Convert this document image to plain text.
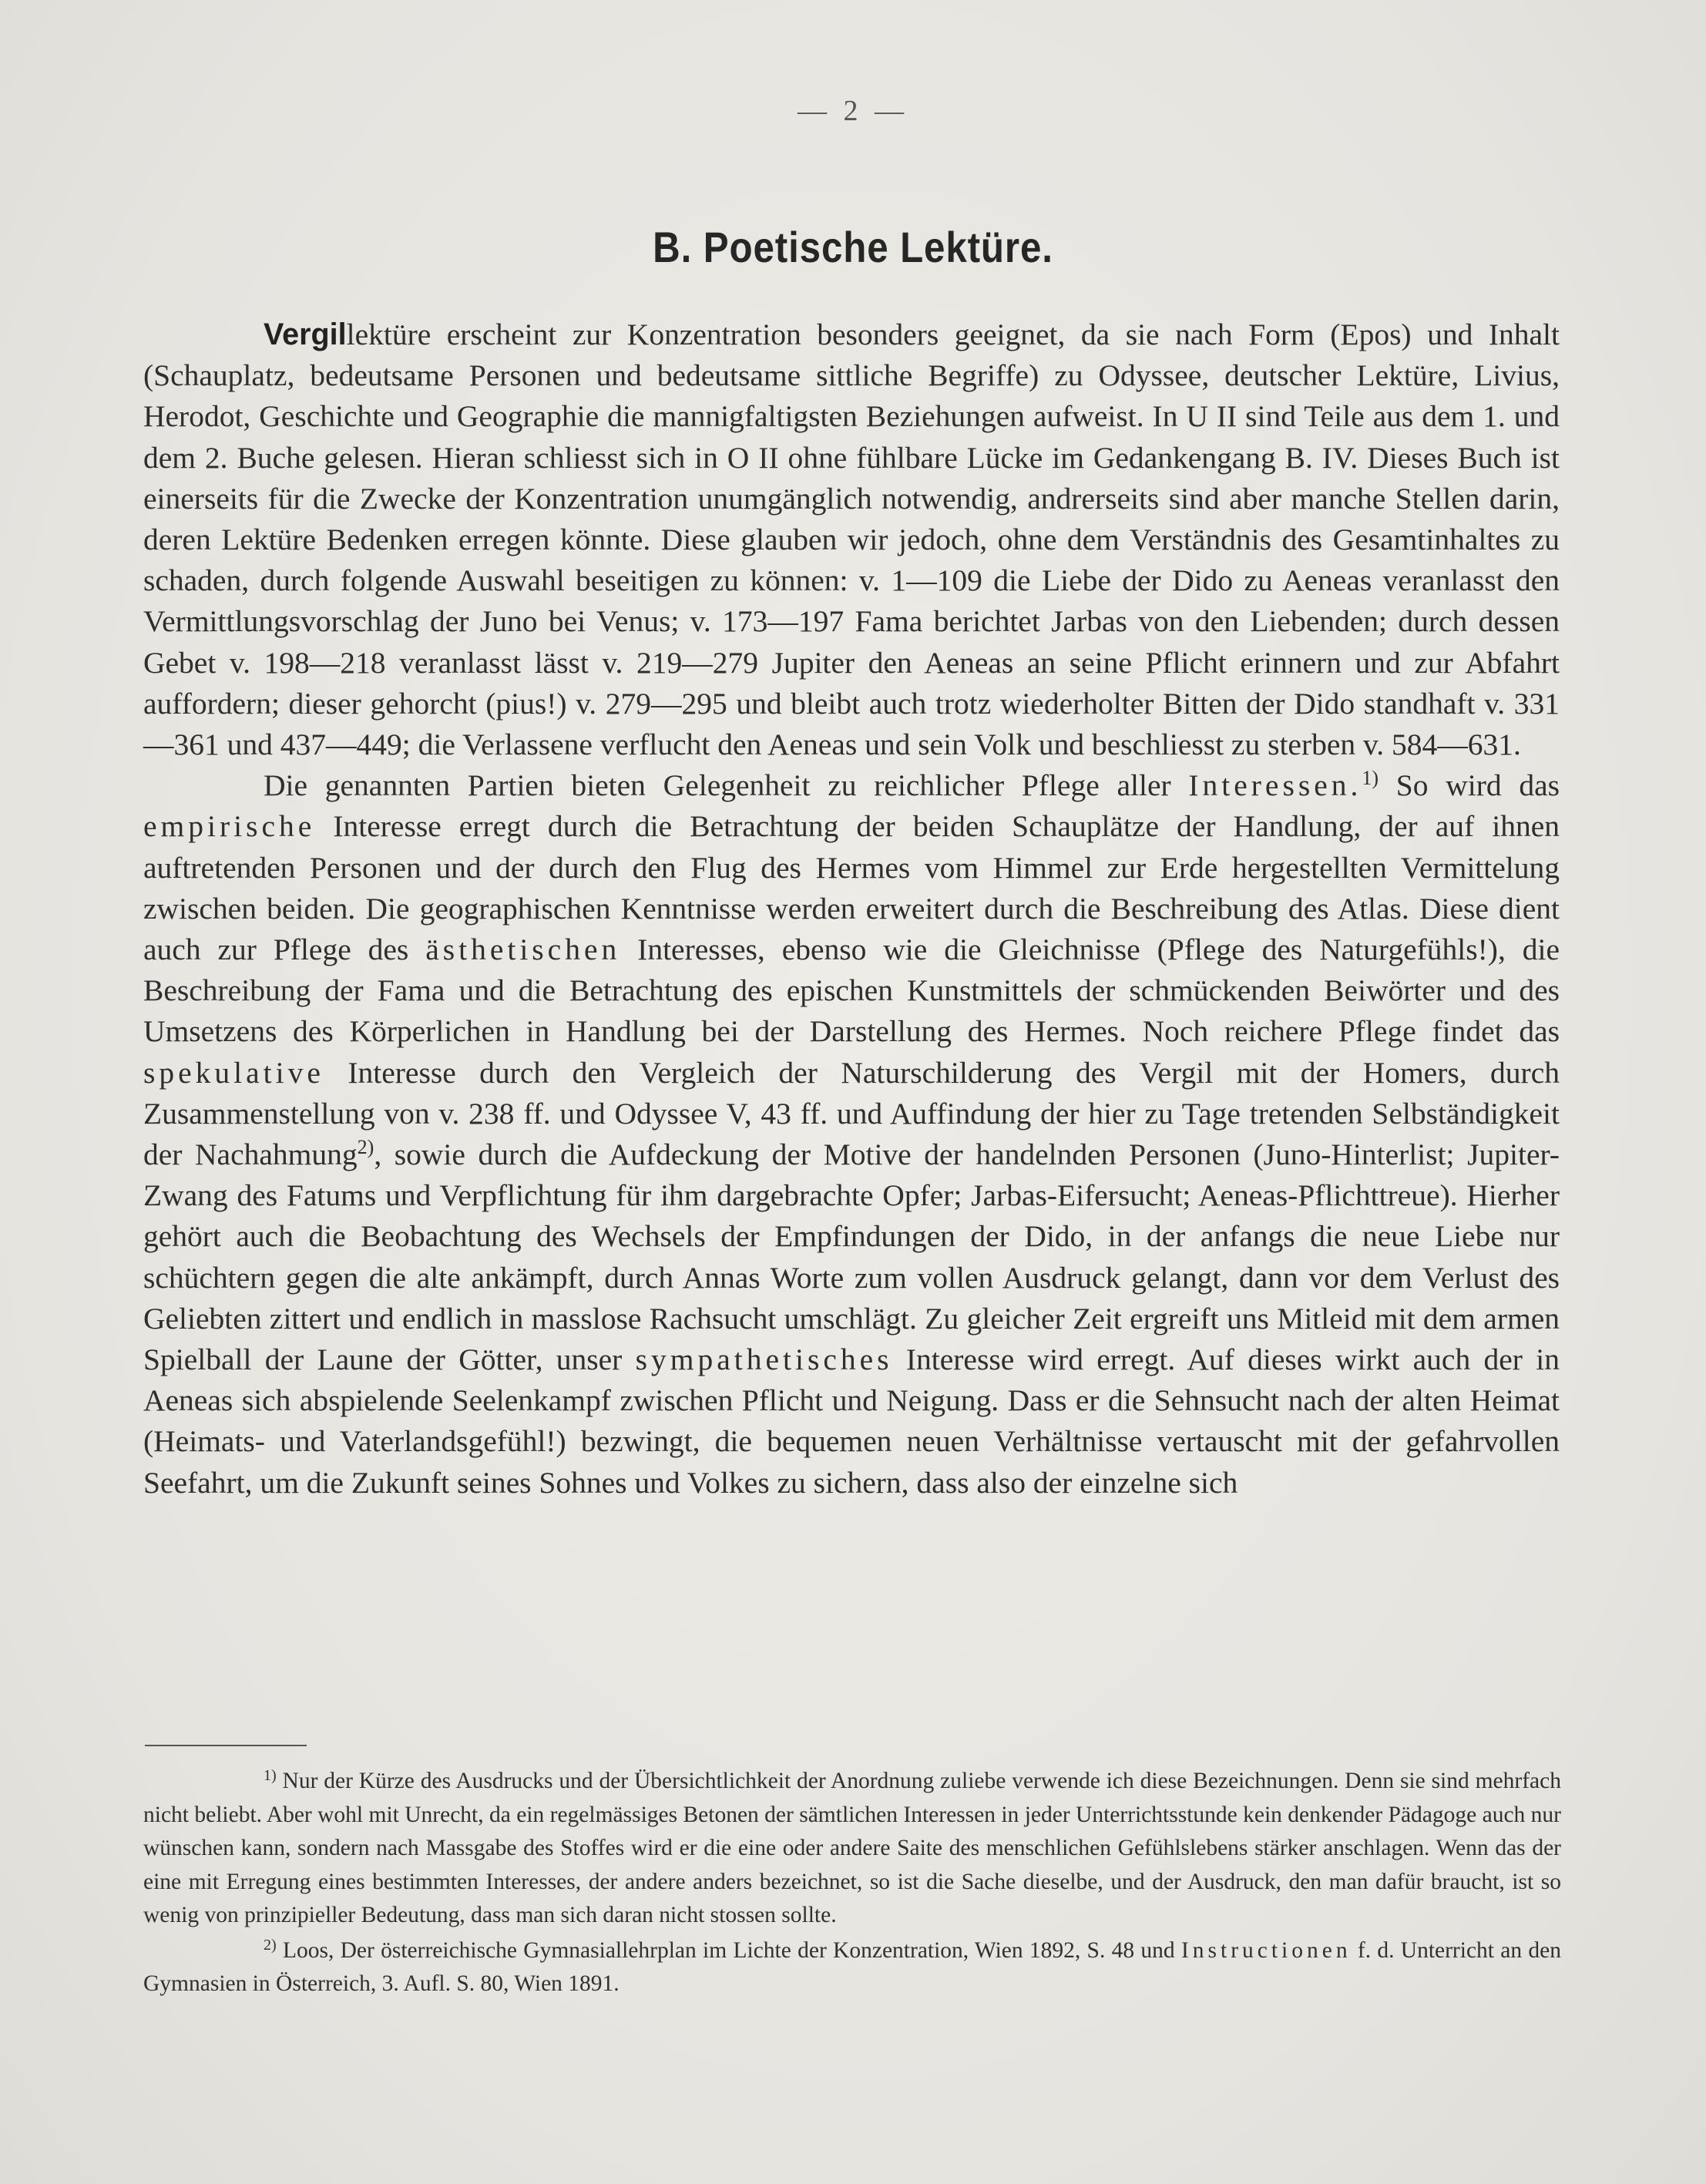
— 2 —
B. Poetische Lektüre.

Vergillektüre erscheint zur Konzentration besonders geeignet, da sie nach Form (Epos) und Inhalt (Schauplatz, bedeutsame Personen und bedeutsame sittliche Begriffe) zu Odyssee, deutscher Lektüre, Livius, Herodot, Geschichte und Geographie die mannigfaltigsten Beziehungen aufweist. In U II sind Teile aus dem 1. und dem 2. Buche gelesen. Hieran schliesst sich in O II ohne fühlbare Lücke im Gedankengang B. IV. Dieses Buch ist einerseits für die Zwecke der Konzentration unumgänglich notwendig, andrerseits sind aber manche Stellen darin, deren Lektüre Bedenken erregen könnte. Diese glauben wir jedoch, ohne dem Verständnis des Gesamtinhaltes zu schaden, durch folgende Auswahl beseitigen zu können: v. 1—109 die Liebe der Dido zu Aeneas veranlasst den Vermittlungsvorschlag der Juno bei Venus; v. 173—197 Fama berichtet Jarbas von den Liebenden; durch dessen Gebet v. 198—218 veranlasst lässt v. 219—279 Jupiter den Aeneas an seine Pflicht erinnern und zur Abfahrt auffordern; dieser gehorcht (pius!) v. 279—295 und bleibt auch trotz wiederholter Bitten der Dido standhaft v. 331—361 und 437—449; die Verlassene verflucht den Aeneas und sein Volk und beschliesst zu sterben v. 584—631.

Die genannten Partien bieten Gelegenheit zu reichlicher Pflege aller Interessen.$^{1)}$ So wird das empirische Interesse erregt durch die Betrachtung der beiden Schauplätze der Handlung, der auf ihnen auftretenden Personen und der durch den Flug des Hermes vom Himmel zur Erde hergestellten Vermittelung zwischen beiden. Die geographischen Kenntnisse werden erweitert durch die Beschreibung des Atlas. Diese dient auch zur Pflege des ästhetischen Interesses, ebenso wie die Gleichnisse (Pflege des Naturgefühls!), die Beschreibung der Fama und die Betrachtung des epischen Kunstmittels der schmückenden Beiwörter und des Umsetzens des Körperlichen in Handlung bei der Darstellung des Hermes. Noch reichere Pflege findet das spekulative Interesse durch den Vergleich der Naturschilderung des Vergil mit der Homers, durch Zusammenstellung von v. 238 ff. und Odyssee V, 43 ff. und Auffindung der hier zu Tage tretenden Selbständigkeit der Nachahmung$^{2)}$, sowie durch die Aufdeckung der Motive der handelnden Personen (Juno-Hinterlist; Jupiter-Zwang des Fatums und Verpflichtung für ihm dargebrachte Opfer; Jarbas-Eifersucht; Aeneas-Pflichttreue). Hierher gehört auch die Beobachtung des Wechsels der Empfindungen der Dido, in der anfangs die neue Liebe nur schüchtern gegen die alte ankämpft, durch Annas Worte zum vollen Ausdruck gelangt, dann vor dem Verlust des Geliebten zittert und endlich in masslose Rachsucht umschlägt. Zu gleicher Zeit ergreift uns Mitleid mit dem armen Spielball der Laune der Götter, unser sympathetisches Interesse wird erregt. Auf dieses wirkt auch der in Aeneas sich abspielende Seelenkampf zwischen Pflicht und Neigung. Dass er die Sehnsucht nach der alten Heimat (Heimats- und Vaterlandsgefühl!) bezwingt, die bequemen neuen Verhältnisse vertauscht mit der gefahrvollen Seefahrt, um die Zukunft seines Sohnes und Volkes zu sichern, dass also der einzelne sich

$^{1)}$ Nur der Kürze des Ausdrucks und der Übersichtlichkeit der Anordnung zuliebe verwende ich diese Bezeichnungen. Denn sie sind mehrfach nicht beliebt. Aber wohl mit Unrecht, da ein regelmässiges Betonen der sämtlichen Interessen in jeder Unterrichtsstunde kein denkender Pädagoge auch nur wünschen kann, sondern nach Massgabe des Stoffes wird er die eine oder andere Saite des menschlichen Gefühlslebens stärker anschlagen. Wenn das der eine mit Erregung eines bestimmten Interesses, der andere anders bezeichnet, so ist die Sache dieselbe, und der Ausdruck, den man dafür braucht, ist so wenig von prinzipieller Bedeutung, dass man sich daran nicht stossen sollte.

$^{2)}$ Loos, Der österreichische Gymnasiallehrplan im Lichte der Konzentration, Wien 1892, S. 48 und Instructionen f. d. Unterricht an den Gymnasien in Österreich, 3. Aufl. S. 80, Wien 1891.
